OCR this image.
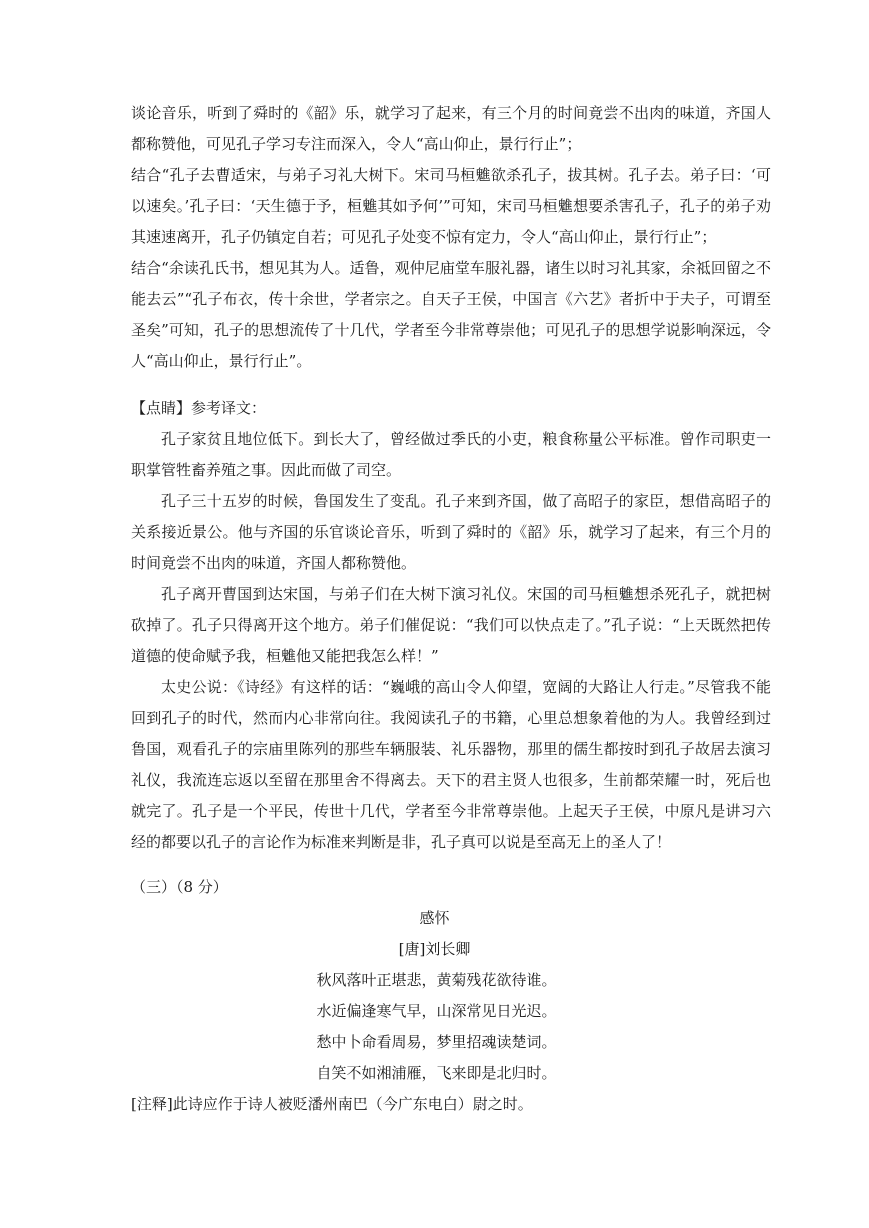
谈论音乐，听到了舜时的《韶》乐，就学习了起来，有三个月的时间竟尝不出肉的味道，齐国人都称赞他，可见孔子学习专注而深入，令人“高山仰止，景行行止”；

结合“孔子去曹适宋，与弟子习礼大树下。宋司马桓魋欲杀孔子，拔其树。孔子去。弟子曰：‘可以速矣。’孔子曰：‘天生德于予，桓魋其如予何’”可知，宋司马桓魋想要杀害孔子，孔子的弟子劝其速速离开，孔子仍镇定自若；可见孔子处变不惊有定力，令人“高山仰止，景行行止”；

结合“余读孔氏书，想见其为人。适鲁，观仲尼庙堂车服礼器，诸生以时习礼其家，余祗回留之不能去云”“孔子布衣，传十余世，学者宗之。自天子王侯，中国言《六艺》者折中于夫子，可谓至圣矣”可知，孔子的思想流传了十几代，学者至今非常尊崇他；可见孔子的思想学说影响深远，令人“高山仰止，景行行止”。

【点睛】参考译文：

孔子家贫且地位低下。到长大了，曾经做过季氏的小吏，粮食称量公平标准。曾作司职吏一职掌管牲畜养殖之事。因此而做了司空。

孔子三十五岁的时候，鲁国发生了变乱。孔子来到齐国，做了高昭子的家臣，想借高昭子的关系接近景公。他与齐国的乐官谈论音乐，听到了舜时的《韶》乐，就学习了起来，有三个月的时间竟尝不出肉的味道，齐国人都称赞他。

孔子离开曹国到达宋国，与弟子们在大树下演习礼仪。宋国的司马桓魋想杀死孔子，就把树砍掉了。孔子只得离开这个地方。弟子们催促说：“我们可以快点走了。”孔子说：“上天既然把传道德的使命赋予我，桓魋他又能把我怎么样！”

太史公说：《诗经》有这样的话：“巍峨的高山令人仰望，宽阔的大路让人行走。”尽管我不能回到孔子的时代，然而内心非常向往。我阅读孔子的书籍，心里总想象着他的为人。我曾经到过鲁国，观看孔子的宗庙里陈列的那些车辆服装、礼乐器物，那里的儒生都按时到孔子故居去演习礼仪，我流连忘返以至留在那里舍不得离去。天下的君主贤人也很多，生前都荣耀一时，死后也就完了。孔子是一个平民，传世十几代，学者至今非常尊崇他。上起天子王侯，中原凡是讲习六经的都要以孔子的言论作为标准来判断是非，孔子真可以说是至高无上的圣人了！

（三）（8 分）
感怀
[唐]刘长卿
秋风落叶正堪悲，黄菊残花欲待谁。
水近偏逢寒气早，山深常见日光迟。
愁中卜命看周易，梦里招魂读楚词。
自笑不如湘浦雁，飞来即是北归时。
[注释]此诗应作于诗人被贬潘州南巴（今广东电白）尉之时。
